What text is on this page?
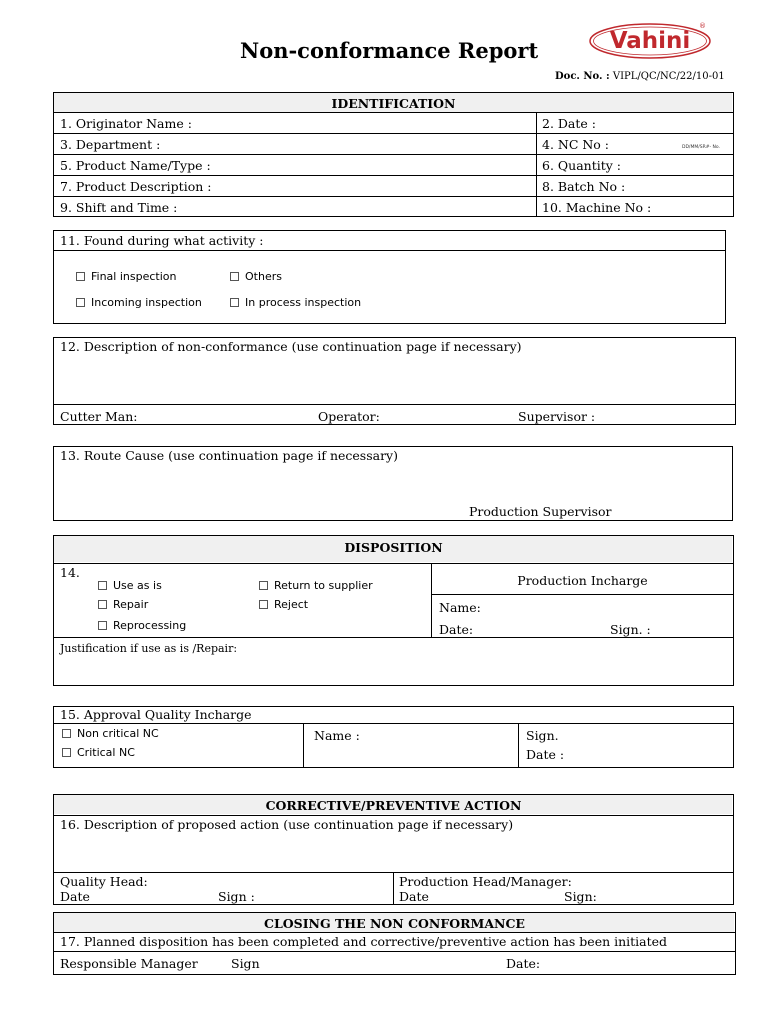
Non-conformance Report	Vahini
®
Doc. No. : VIPL/QC/NC/22/10-01
IDENTIFICATION
1. Originator Name :	2. Date :
3. Department :	4. NC No :	DD/MM/SR#- No.
5. Product Name/Type :	6. Quantity :
7. Product Description :	8. Batch No :
9. Shift and Time :	10. Machine No :
11. Found during what activity :
Final inspection	Others
Incoming inspection	In process inspection
12. Description of non-conformance (use continuation page if necessary)
Cutter Man:	Operator:	Supervisor :
13. Route Cause (use continuation page if necessary)
Production Supervisor
DISPOSITION
14.
Use as is	Return to supplier
Repair	Reject
Reprocessing
Production Incharge
Name:
Date:	Sign. :
Justification if use as is /Repair:
15. Approval Quality Incharge
Non critical NC
Critical NC
Name :	Sign.
Date :
CORRECTIVE/PREVENTIVE ACTION
16. Description of proposed action (use continuation page if necessary)
Quality Head:
Date	Sign :
Production Head/Manager:
Date	Sign:
CLOSING THE NON CONFORMANCE
17. Planned disposition has been completed and corrective/preventive action has been initiated
Responsible Manager	Sign	Date:
